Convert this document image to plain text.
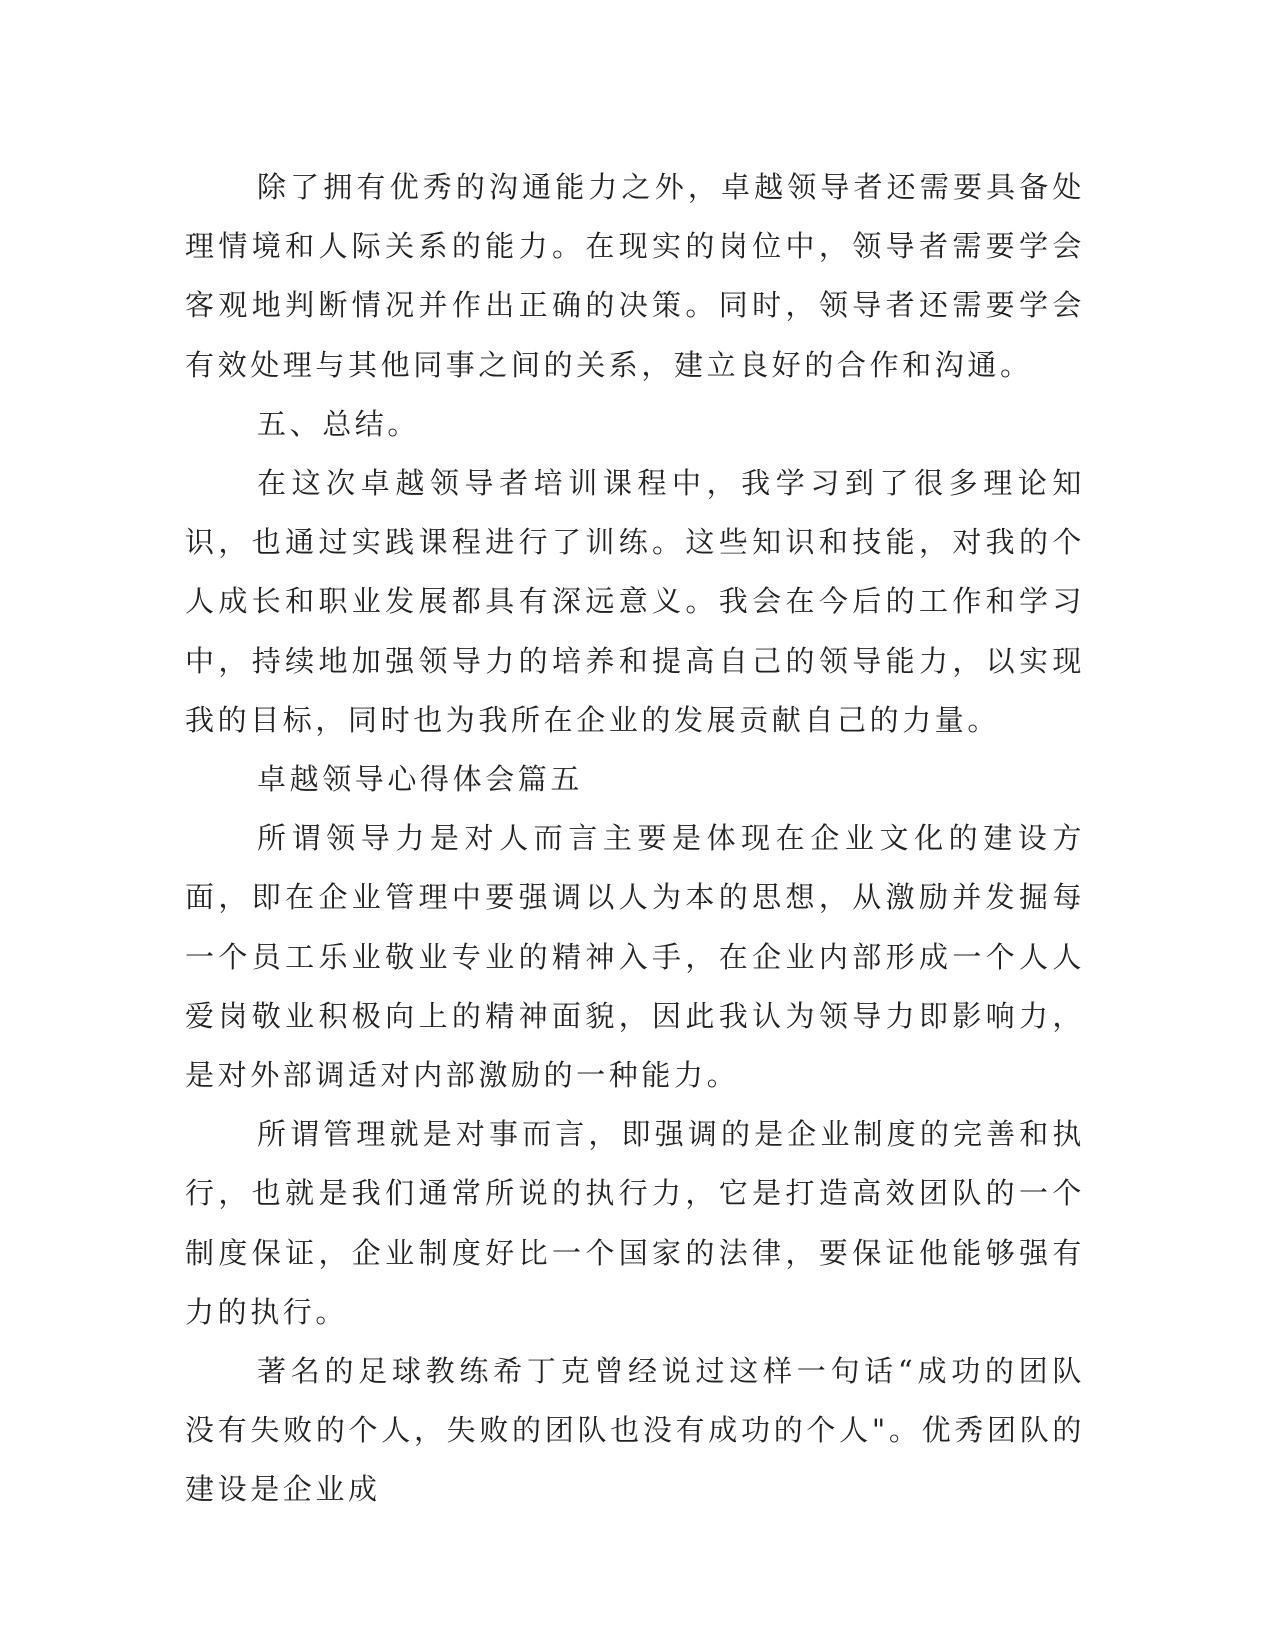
除了拥有优秀的沟通能力之外，卓越领导者还需要具备处理情境和人际关系的能力。在现实的岗位中，领导者需要学会客观地判断情况并作出正确的决策。同时，领导者还需要学会有效处理与其他同事之间的关系，建立良好的合作和沟通。

五、总结。

在这次卓越领导者培训课程中，我学习到了很多理论知识，也通过实践课程进行了训练。这些知识和技能，对我的个人成长和职业发展都具有深远意义。我会在今后的工作和学习中，持续地加强领导力的培养和提高自己的领导能力，以实现我的目标，同时也为我所在企业的发展贡献自己的力量。

卓越领导心得体会篇五

所谓领导力是对人而言主要是体现在企业文化的建设方面，即在企业管理中要强调以人为本的思想，从激励并发掘每一个员工乐业敬业专业的精神入手，在企业内部形成一个人人爱岗敬业积极向上的精神面貌，因此我认为领导力即影响力，是对外部调适对内部激励的一种能力。

所谓管理就是对事而言，即强调的是企业制度的完善和执行，也就是我们通常所说的执行力，它是打造高效团队的一个制度保证，企业制度好比一个国家的法律，要保证他能够强有力的执行。

著名的足球教练希丁克曾经说过这样一句话“成功的团队没有失败的个人，失败的团队也没有成功的个人"。优秀团队的建设是企业成
